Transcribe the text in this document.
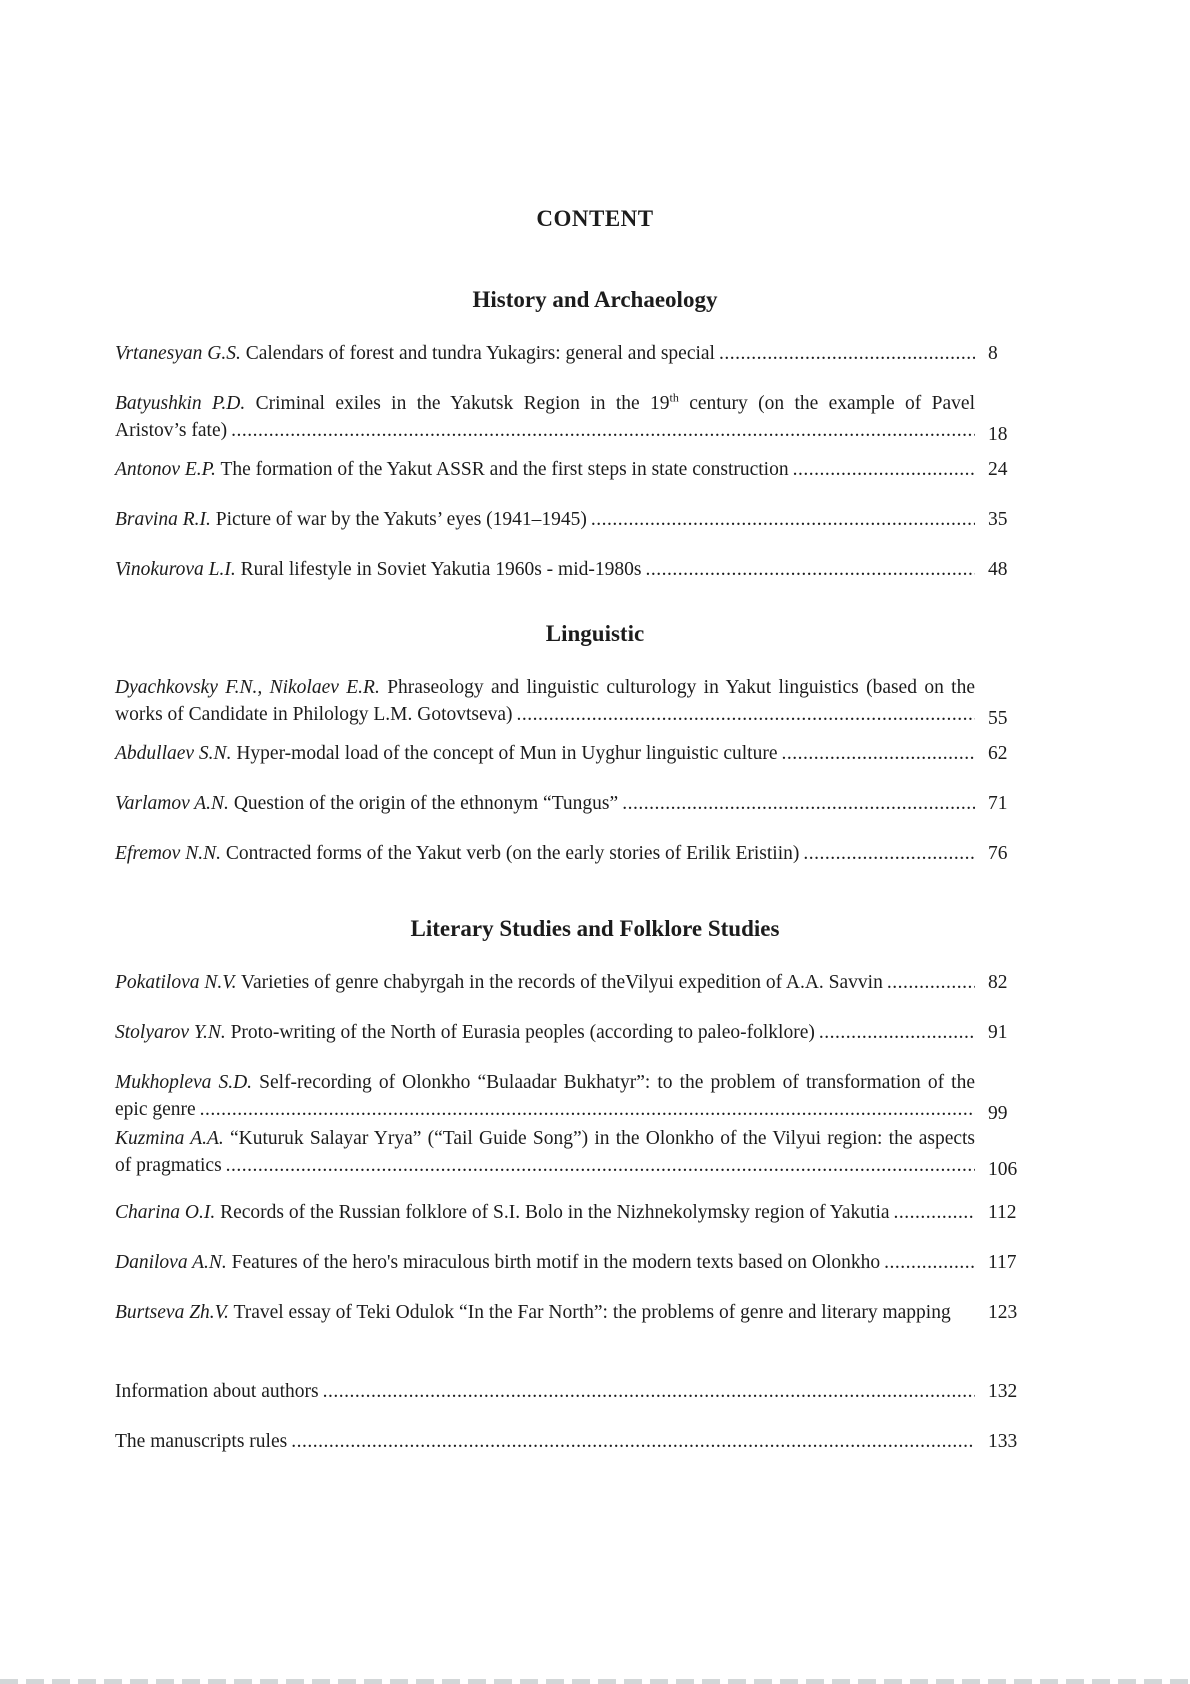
CONTENT
History and Archaeology
Vrtanesyan G.S. Calendars of forest and tundra Yukagirs: general and special .....	8
Batyushkin P.D. Criminal exiles in the Yakutsk Region in the 19th century (on the example of Pavel
Aristov’s fate) .....	18
Antonov E.P. The formation of the Yakut ASSR and the first steps in state construction .....	24
Bravina R.I. Picture of war by the Yakuts’ eyes (1941–1945) .....	35
Vinokurova L.I. Rural lifestyle in Soviet Yakutia 1960s - mid-1980s .....	48
Linguistic
Dyachkovsky F.N., Nikolaev E.R. Phraseology and linguistic culturology in Yakut linguistics (based on the
works of Candidate in Philology L.M. Gotovtseva) .....	55
Abdullaev S.N. Hyper-modal load of the concept of Mun in Uyghur linguistic culture .....	62
Varlamov A.N. Question of the origin of the ethnonym “Tungus” .....	71
Efremov N.N. Contracted forms of the Yakut verb (on the early stories of Erilik Eristiin) .....	76
Literary Studies and Folklore Studies
Pokatilova N.V. Varieties of genre chabyrgah in the records of theVilyui expedition of A.A. Savvin .....	82
Stolyarov Y.N. Proto-writing of the North of Eurasia peoples (according to paleo-folklore) .....	91
Mukhopleva S.D. Self-recording of Olonkho “Bulaadar Bukhatyr”: to the problem of transformation of the
epic genre .....	99
Kuzmina A.A. “Kuturuk Salayar Yrya” (“Tail Guide Song”) in the Olonkho of the Vilyui region: the aspects
of pragmatics .....	106
Charina O.I. Records of the Russian folklore of S.I. Bolo in the Nizhnekolymsky region of Yakutia .....	112
Danilova A.N. Features of the hero's miraculous birth motif in the modern texts based on Olonkho .....	117
Burtseva Zh.V. Travel essay of Teki Odulok “In the Far North”: the problems of genre and literary mapping 123
Information about authors .....	132
The manuscripts rules .....	133
